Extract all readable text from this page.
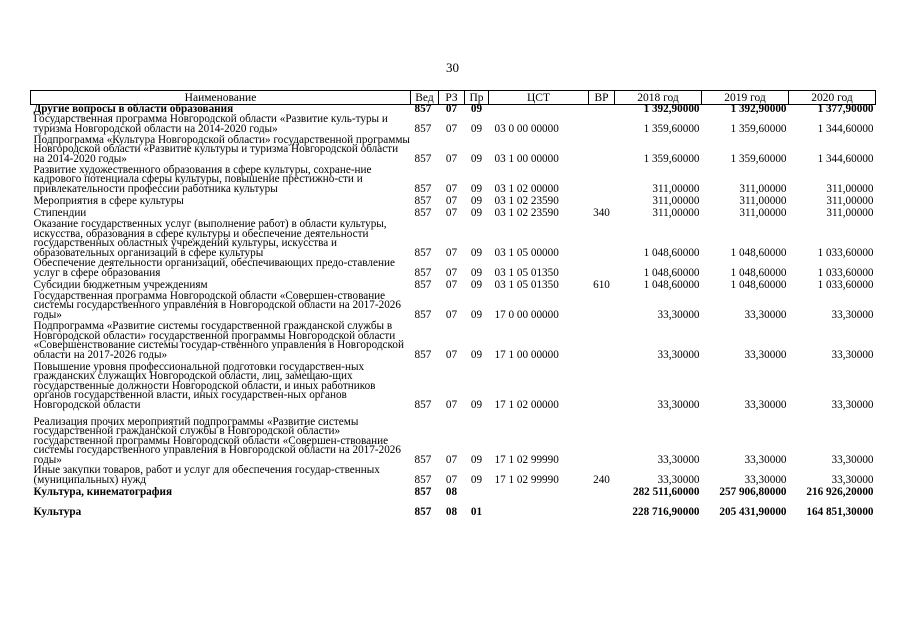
30
Наименование	Вед	РЗ	Пр	ЦСТ	ВР	2018 год	2019 год	2020 год
Другие вопросы в области образования	857	07	09			1 392,90000	1 392,90000	1 377,90000
Государственная программа Новгородской области «Развитие куль-туры и туризма Новгородской области на 2014-2020 годы»	857	07	09	03 0 00 00000		1 359,60000	1 359,60000	1 344,60000
Подпрограмма «Культура Новгородской области» государственной программы Новгородской области «Развитие культуры и туризма Новгородской области на 2014-2020 годы»	857	07	09	03 1 00 00000		1 359,60000	1 359,60000	1 344,60000
Развитие художественного образования в сфере культуры, сохране-ние кадрового потенциала сферы культуры, повышение престижно-сти и привлекательности профессии работника культуры	857	07	09	03 1 02 00000		311,00000	311,00000	311,00000
Мероприятия в сфере культуры	857	07	09	03 1 02 23590		311,00000	311,00000	311,00000
Стипендии	857	07	09	03 1 02 23590	340	311,00000	311,00000	311,00000
Оказание государственных услуг (выполнение работ) в области культуры, искусства, образования в сфере культуры и обеспечение деятельности государственных областных учреждений культуры, искусства и образовательных организаций в сфере культуры	857	07	09	03 1 05 00000		1 048,60000	1 048,60000	1 033,60000
Обеспечение деятельности организаций, обеспечивающих предо-ставление услуг в сфере образования	857	07	09	03 1 05 01350		1 048,60000	1 048,60000	1 033,60000
Субсидии бюджетным учреждениям	857	07	09	03 1 05 01350	610	1 048,60000	1 048,60000	1 033,60000
Государственная программа Новгородской области «Совершен-ствование системы государственного управления в Новгородской области на 2017-2026 годы»	857	07	09	17 0 00 00000		33,30000	33,30000	33,30000
Подпрограмма «Развитие системы государственной гражданской службы в Новгородской области» государственной программы Новгородской области «Совершенствование системы государ-ственного управления в Новгородской области на 2017-2026 годы»	857	07	09	17 1 00 00000		33,30000	33,30000	33,30000
Повышение уровня профессиональной подготовки государствен-ных гражданских служащих Новгородской области, лиц, замещаю-щих государственные должности Новгородской области, и иных работников органов государственной власти, иных государствен-ных органов Новгородской области	857	07	09	17 1 02 00000		33,30000	33,30000	33,30000
Реализация прочих мероприятий подпрограммы «Развитие системы государственной гражданской службы в Новгородской области» государственной программы Новгородской области «Совершен-ствование системы государственного управления в Новгородской области на 2017-2026 годы»	857	07	09	17 1 02 99990		33,30000	33,30000	33,30000
Иные закупки товаров, работ и услуг для обеспечения государ-ственных (муниципальных) нужд	857	07	09	17 1 02 99990	240	33,30000	33,30000	33,30000
Культура, кинематография	857	08				282 511,60000	257 906,80000	216 926,20000
Культура	857	08	01			228 716,90000	205 431,90000	164 851,30000
